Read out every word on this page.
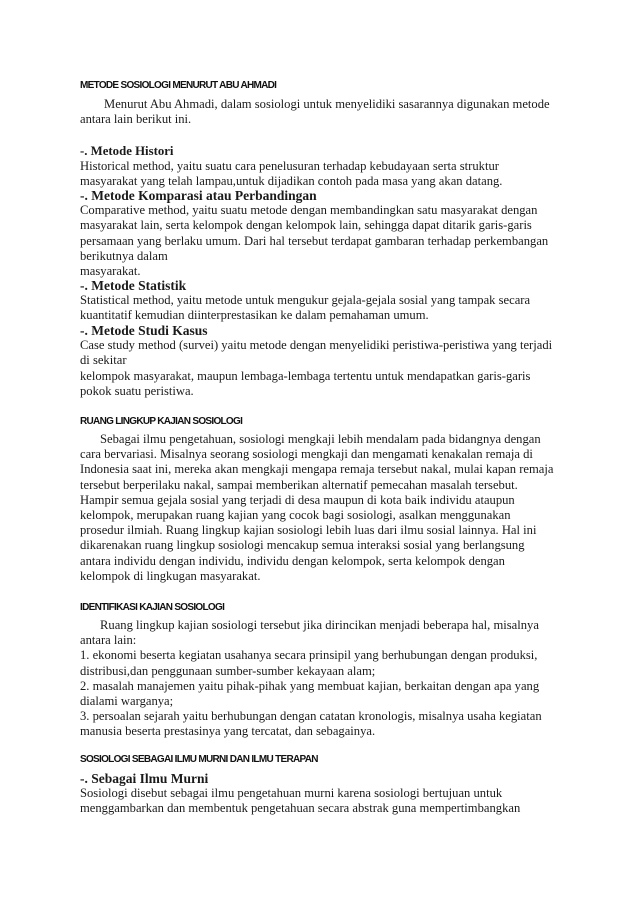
METODE SOSIOLOGI MENURUT ABU AHMADI
Menurut Abu Ahmadi, dalam sosiologi untuk menyelidiki sasarannya digunakan metode
antara lain berikut ini.
-. Metode Histori
Historical method, yaitu suatu cara penelusuran terhadap kebudayaan serta struktur
masyarakat yang telah lampau,untuk dijadikan contoh pada masa yang akan datang.
-. Metode Komparasi atau Perbandingan
Comparative method, yaitu suatu metode dengan membandingkan satu masyarakat dengan
masyarakat lain, serta kelompok dengan kelompok lain, sehingga dapat ditarik garis-garis
persamaan yang berlaku umum. Dari hal tersebut terdapat gambaran terhadap perkembangan
berikutnya dalam
masyarakat.
-. Metode Statistik
Statistical method, yaitu metode untuk mengukur gejala-gejala sosial yang tampak secara
kuantitatif kemudian diinterprestasikan ke dalam pemahaman umum.
-. Metode Studi Kasus
Case study method (survei) yaitu metode dengan menyelidiki peristiwa-peristiwa yang terjadi
di sekitar
kelompok masyarakat, maupun lembaga-lembaga tertentu untuk mendapatkan garis-garis
pokok suatu peristiwa.
RUANG LINGKUP KAJIAN SOSIOLOGI
Sebagai ilmu pengetahuan, sosiologi mengkaji lebih mendalam pada bidangnya dengan
cara bervariasi. Misalnya seorang sosiologi mengkaji dan mengamati kenakalan remaja di
Indonesia saat ini, mereka akan mengkaji mengapa remaja tersebut nakal, mulai kapan remaja
tersebut berperilaku nakal, sampai memberikan alternatif pemecahan masalah tersebut.
Hampir semua gejala sosial yang terjadi di desa maupun di kota baik individu ataupun
kelompok, merupakan ruang kajian yang cocok bagi sosiologi, asalkan menggunakan
prosedur ilmiah. Ruang lingkup kajian sosiologi lebih luas dari ilmu sosial lainnya. Hal ini
dikarenakan ruang lingkup sosiologi mencakup semua interaksi sosial yang berlangsung
antara individu dengan individu, individu dengan kelompok, serta kelompok dengan
kelompok di lingkugan masyarakat.
IDENTIFIKASI KAJIAN SOSIOLOGI
Ruang lingkup kajian sosiologi tersebut jika dirincikan menjadi beberapa hal, misalnya
antara lain:
1. ekonomi beserta kegiatan usahanya secara prinsipil yang berhubungan dengan produksi,
distribusi,dan penggunaan sumber-sumber kekayaan alam;
2. masalah manajemen yaitu pihak-pihak yang membuat kajian, berkaitan dengan apa yang
dialami warganya;
3. persoalan sejarah yaitu berhubungan dengan catatan kronologis, misalnya usaha kegiatan
manusia beserta prestasinya yang tercatat, dan sebagainya.
SOSIOLOGI SEBAGAI ILMU MURNI DAN ILMU TERAPAN
-. Sebagai Ilmu Murni
Sosiologi disebut sebagai ilmu pengetahuan murni karena sosiologi bertujuan untuk
menggambarkan dan membentuk pengetahuan secara abstrak guna mempertimbangkan
